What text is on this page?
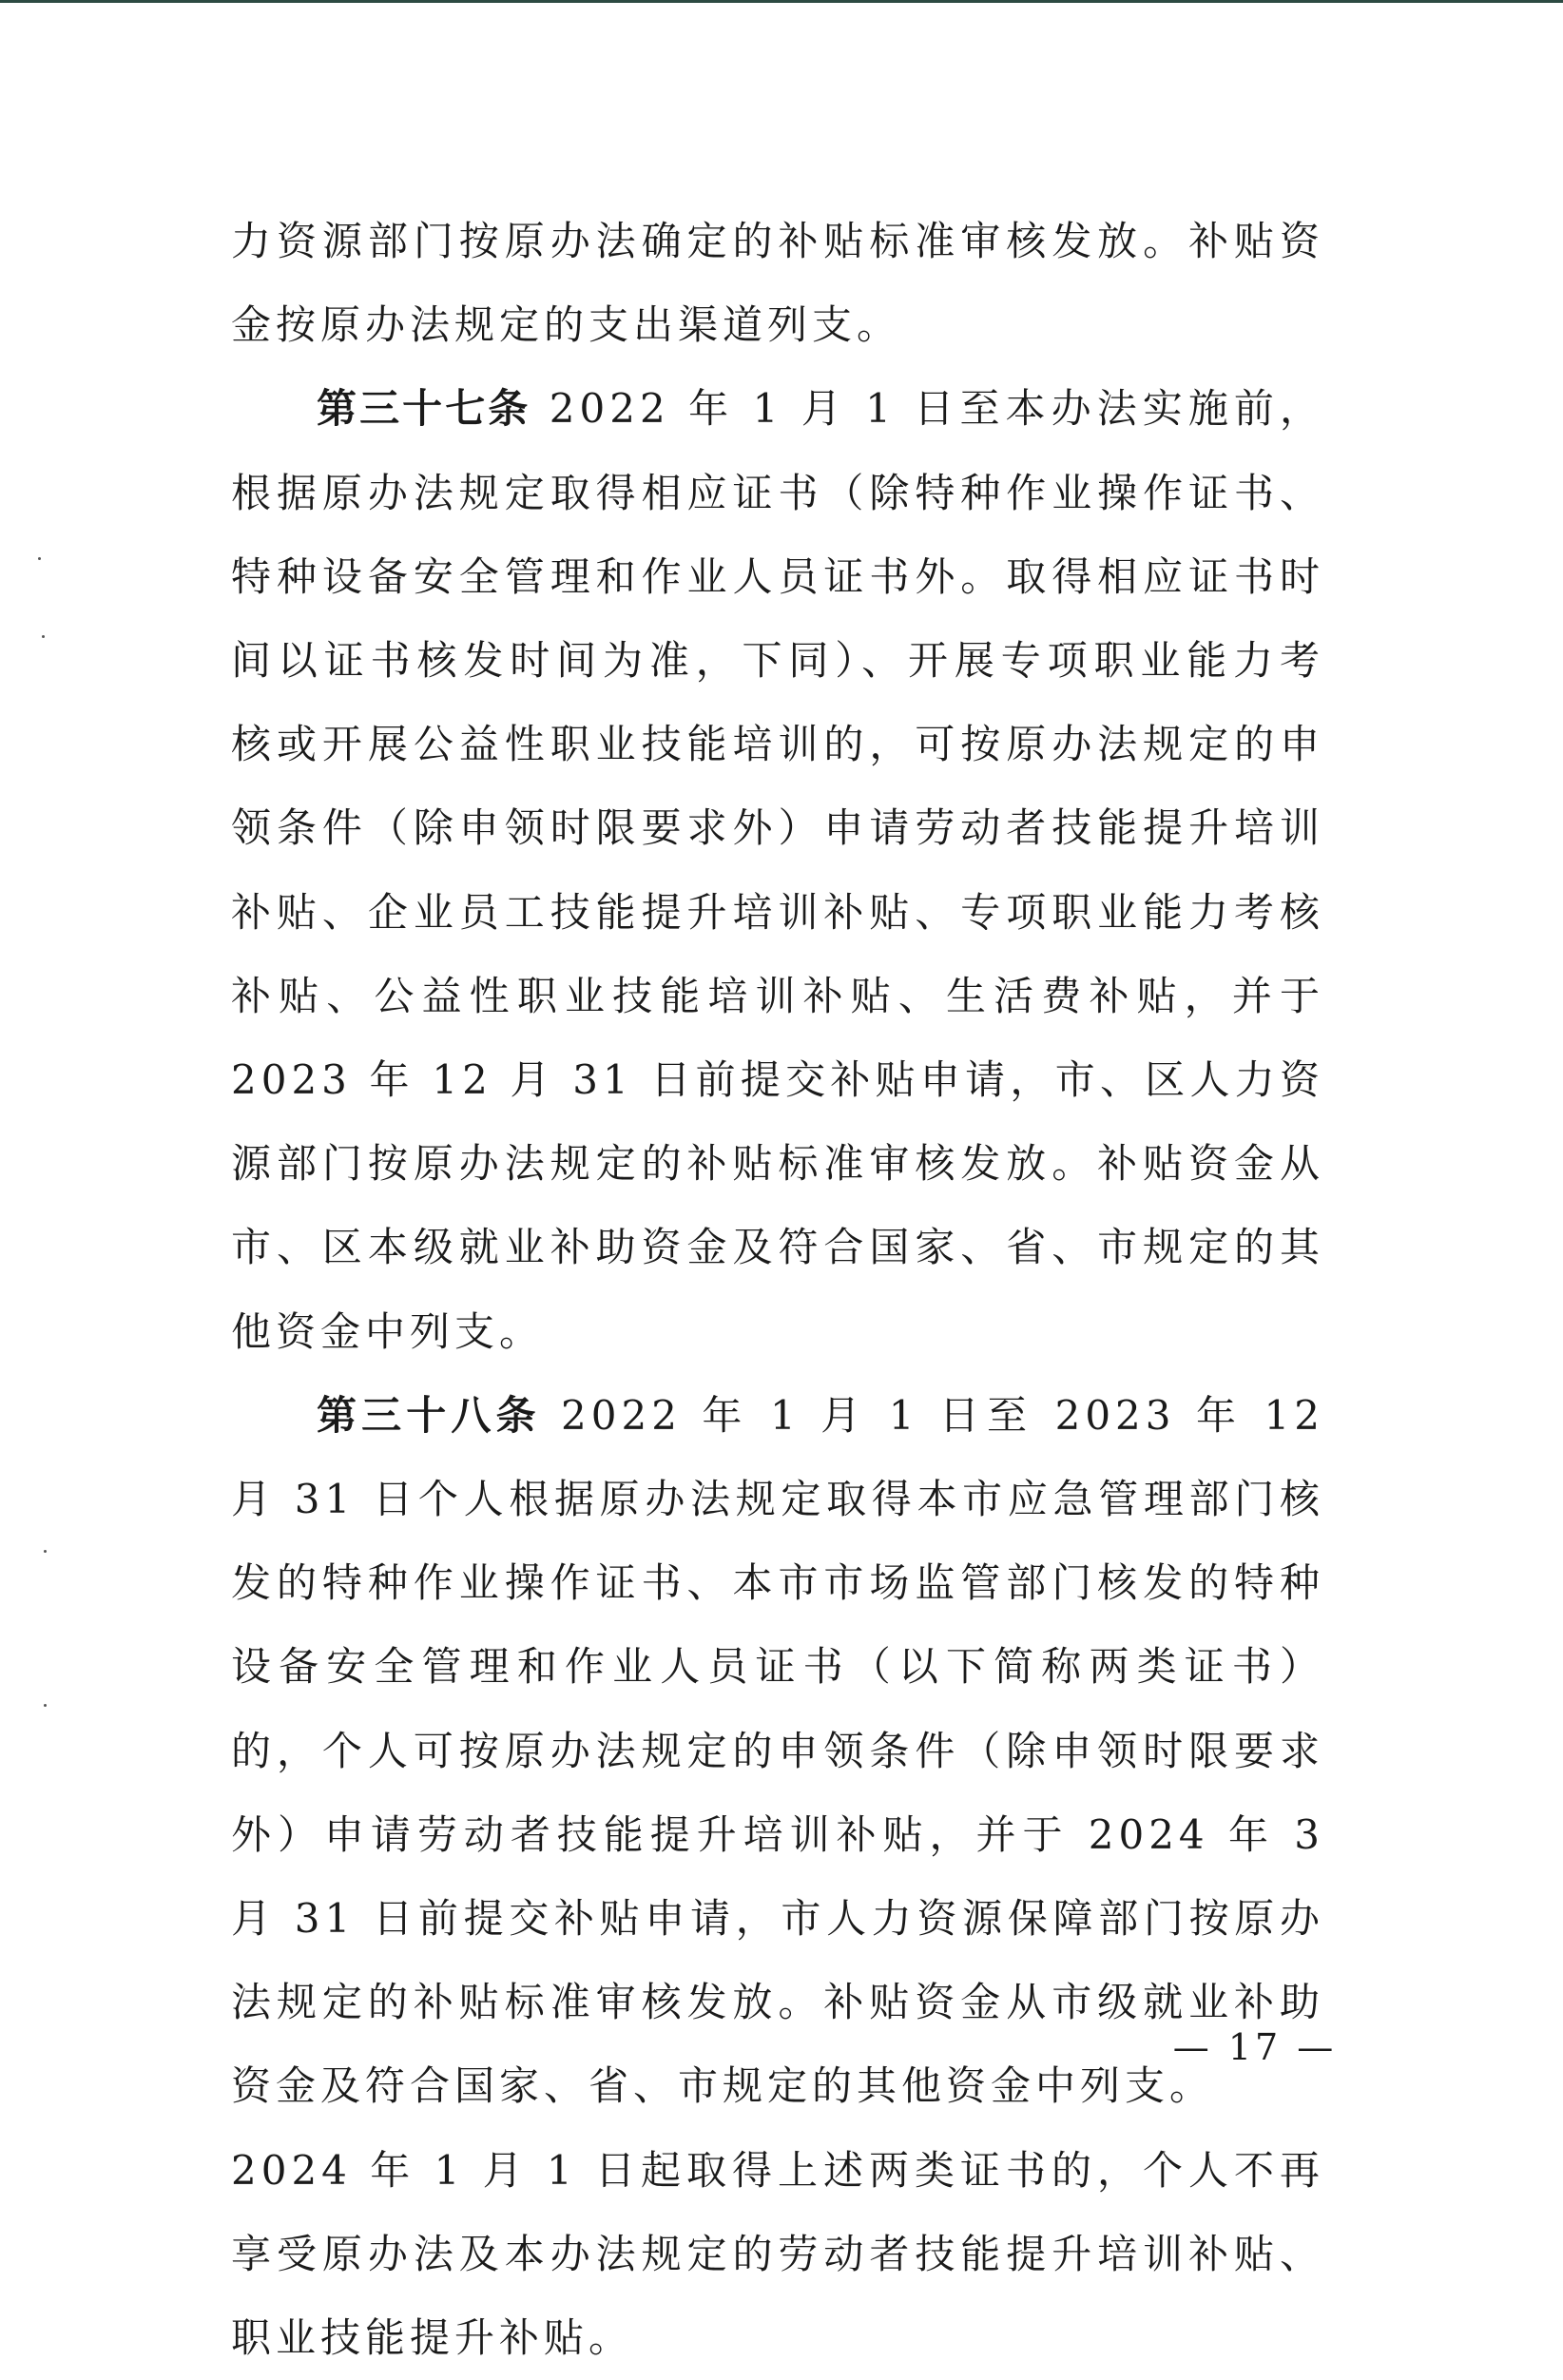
力资源部门按原办法确定的补贴标准审核发放。补贴资金按原办法规定的支出渠道列支。

第三十七条 2022 年 1 月 1 日至本办法实施前，根据原办法规定取得相应证书（除特种作业操作证书、特种设备安全管理和作业人员证书外。取得相应证书时间以证书核发时间为准，下同）、开展专项职业能力考核或开展公益性职业技能培训的，可按原办法规定的申领条件（除申领时限要求外）申请劳动者技能提升培训补贴、企业员工技能提升培训补贴、专项职业能力考核补贴、公益性职业技能培训补贴、生活费补贴，并于 2023 年 12 月 31 日前提交补贴申请，市、区人力资源部门按原办法规定的补贴标准审核发放。补贴资金从市、区本级就业补助资金及符合国家、省、市规定的其他资金中列支。

第三十八条 2022 年 1 月 1 日至 2023 年 12 月 31 日个人根据原办法规定取得本市应急管理部门核发的特种作业操作证书、本市市场监管部门核发的特种设备安全管理和作业人员证书（以下简称两类证书）的，个人可按原办法规定的申领条件（除申领时限要求外）申请劳动者技能提升培训补贴，并于 2024 年 3 月 31 日前提交补贴申请，市人力资源保障部门按原办法规定的补贴标准审核发放。补贴资金从市级就业补助资金及符合国家、省、市规定的其他资金中列支。

2024 年 1 月 1 日起取得上述两类证书的，个人不再享受原办法及本办法规定的劳动者技能提升培训补贴、职业技能提升补贴。

— 17 —
